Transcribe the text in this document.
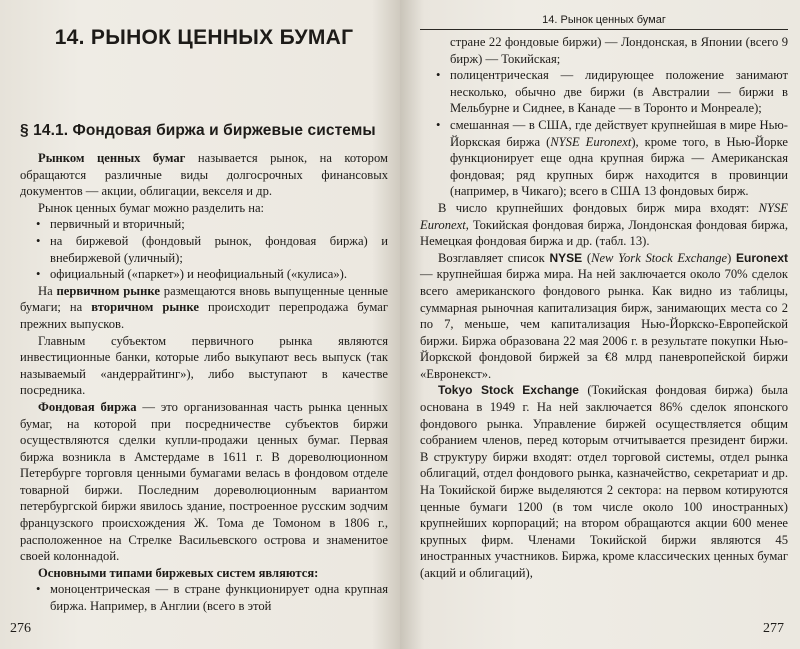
14. РЫНОК ЦЕННЫХ БУМАГ
§ 14.1. Фондовая биржа и биржевые системы

Рынком ценных бумаг называется рынок, на котором обращаются различные виды долгосрочных финансовых документов — акции, облигации, векселя и др.

Рынок ценных бумаг можно разделить на:

• первичный и вторичный;
• на биржевой (фондовый рынок, фондовая биржа) и внебиржевой (уличный);
• официальный («паркет») и неофициальный («кулиса»).

На первичном рынке размещаются вновь выпущенные ценные бумаги; на вторичном рынке происходит перепродажа бумаг прежних выпусков.

Главным субъектом первичного рынка являются инвестиционные банки, которые либо выкупают весь выпуск (так называемый «андеррайтинг»), либо выступают в качестве посредника.

Фондовая биржа — это организованная часть рынка ценных бумаг, на которой при посредничестве субъектов биржи осуществляются сделки купли-продажи ценных бумаг. Первая биржа возникла в Амстердаме в 1611 г. В дореволюционном Петербурге торговля ценными бумагами велась в фондовом отделе товарной биржи. Последним дореволюционным вариантом петербургской биржи явилось здание, построенное русским зодчим французского происхождения Ж. Тома де Томоном в 1806 г., расположенное на Стрелке Васильевского острова и знаменитое своей колоннадой.

Основными типами биржевых систем являются:

• моноцентрическая — в стране функционирует одна крупная биржа. Например, в Англии (всего в этой
276
14. Рынок ценных бумаг
стране 22 фондовые биржи) — Лондонская, в Японии (всего 9 бирж) — Токийская;
• полицентрическая — лидирующее положение занимают несколько, обычно две биржи (в Австралии — биржи в Мельбурне и Сиднее, в Канаде — в Торонто и Монреале);
• смешанная — в США, где действует крупнейшая в мире Нью-Йоркская биржа (NYSE Euronext), кроме того, в Нью-Йорке функционирует еще одна крупная биржа — Американская фондовая; ряд крупных бирж находится в провинции (например, в Чикаго); всего в США 13 фондовых бирж.

В число крупнейших фондовых бирж мира входят: NYSE Euronext, Токийская фондовая биржа, Лондонская фондовая биржа, Немецкая фондовая биржа и др. (табл. 13).

Возглавляет список NYSE (New York Stock Exchange) Euronext — крупнейшая биржа мира. На ней заключается около 70% сделок всего американского фондового рынка. Как видно из таблицы, суммарная рыночная капитализация бирж, занимающих места со 2 по 7, меньше, чем капитализация Нью-Йоркско-Европейской биржи. Биржа образована 22 мая 2006 г. в результате покупки Нью-Йоркской фондовой биржей за €8 млрд паневропейской биржи «Евронекст».

Tokyo Stock Exchange (Токийская фондовая биржа) была основана в 1949 г. На ней заключается 86% сделок японского фондового рынка. Управление биржей осуществляется общим собранием членов, перед которым отчитывается президент биржи. В структуру биржи входят: отдел торговой системы, отдел рынка облигаций, отдел фондового рынка, казначейство, секретариат и др. На Токийской бирже выделяются 2 сектора: на первом котируются ценные бумаги 1200 (в том числе около 100 иностранных) крупнейших корпораций; на втором обращаются акции 600 менее крупных фирм. Членами Токийской биржи являются 45 иностранных участников. Биржа, кроме классических ценных бумаг (акций и облигаций),

277
